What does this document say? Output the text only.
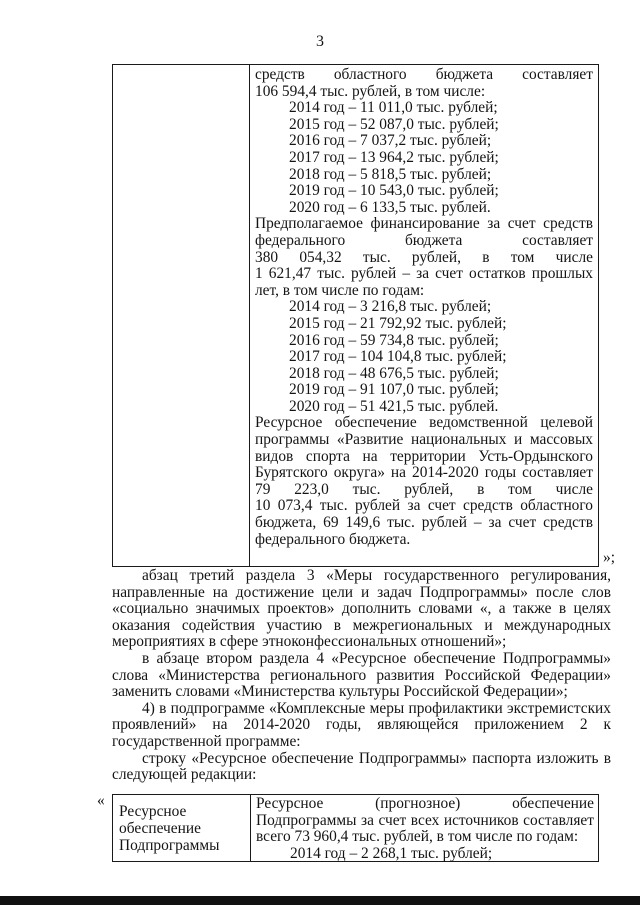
3
средств областного бюджета составляет
106 594,4 тыс. рублей, в том числе:
2014 год – 11 011,0 тыс. рублей;
2015 год – 52 087,0 тыс. рублей;
2016 год – 7 037,2 тыс. рублей;
2017 год – 13 964,2 тыс. рублей;
2018 год – 5 818,5 тыс. рублей;
2019 год – 10 543,0 тыс. рублей;
2020 год – 6 133,5 тыс. рублей.
Предполагаемое финансирование за счет средств
федерального бюджета составляет
380 054,32 тыс. рублей, в том числе
1 621,47 тыс. рублей – за счет остатков прошлых
лет, в том числе по годам:
2014 год – 3 216,8 тыс. рублей;
2015 год – 21 792,92 тыс. рублей;
2016 год – 59 734,8 тыс. рублей;
2017 год – 104 104,8 тыс. рублей;
2018 год – 48 676,5 тыс. рублей;
2019 год – 91 107,0 тыс. рублей;
2020 год – 51 421,5 тыс. рублей.
Ресурсное обеспечение ведомственной целевой
программы «Развитие национальных и массовых
видов спорта на территории Усть-Ордынского
Бурятского округа» на 2014-2020 годы составляет
79 223,0 тыс. рублей, в том числе
10 073,4 тыс. рублей за счет средств областного
бюджета, 69 149,6 тыс. рублей – за счет средств
федерального бюджета.
»;
абзац третий раздела 3 «Меры государственного регулирования, направленные на достижение цели и задач Подпрограммы» после слов «социально значимых проектов» дополнить словами «, а также в целях оказания содействия участию в межрегиональных и международных мероприятиях в сфере этноконфессиональных отношений»;
в абзаце втором раздела 4 «Ресурсное обеспечение Подпрограммы» слова «Министерства регионального развития Российской Федерации» заменить словами «Министерства культуры Российской Федерации»;
4) в подпрограмме «Комплексные меры профилактики экстремистских проявлений» на 2014-2020 годы, являющейся приложением 2 к государственной программе:
строку «Ресурсное обеспечение Подпрограммы» паспорта изложить в следующей редакции:
«
Ресурсное обеспечение Подпрограммы
Ресурсное (прогнозное) обеспечение
Подпрограммы за счет всех источников составляет
всего 73 960,4 тыс. рублей, в том числе по годам:
2014 год – 2 268,1 тыс. рублей;
